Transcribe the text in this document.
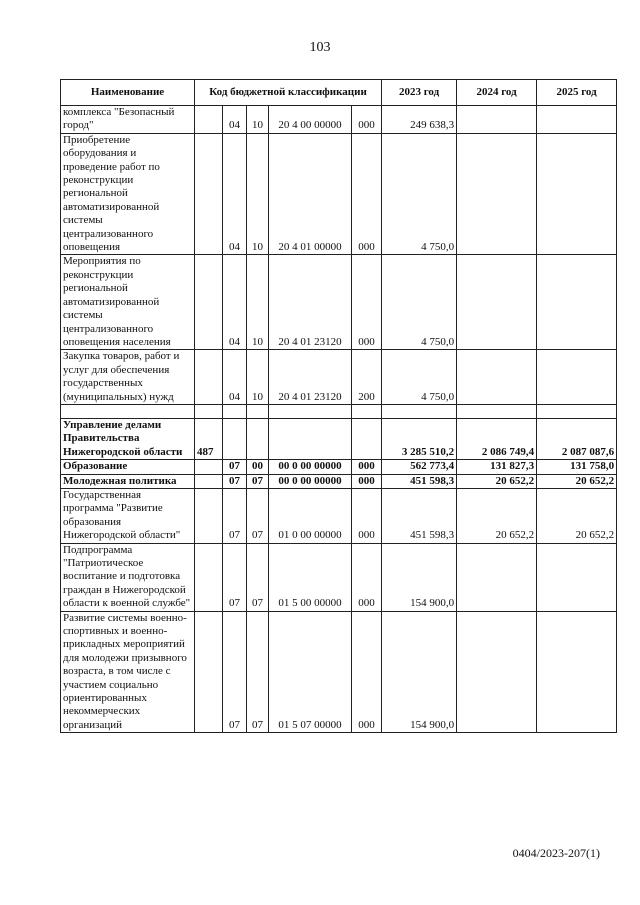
103
Наименование	Код бюджетной классификации					2023 год	2024 год	2025 год
комплекса "Безопасный город"		04	10	20 4 00 00000	000	249 638,3		
Приобретение оборудования и проведение работ по реконструкции региональной автоматизированной системы централизованного оповещения		04	10	20 4 01 00000	000	4 750,0		
Мероприятия по реконструкции региональной автоматизированной системы централизованного оповещения населения		04	10	20 4 01 23120	000	4 750,0		
Закупка товаров, работ и услуг для обеспечения государственных (муниципальных) нужд		04	10	20 4 01 23120	200	4 750,0		

Управление делами Правительства Нижегородской области	487					3 285 510,2	2 086 749,4	2 087 087,6
Образование		07	00	00 0 00 00000	000	562 773,4	131 827,3	131 758,0
Молодежная политика		07	07	00 0 00 00000	000	451 598,3	20 652,2	20 652,2
Государственная программа "Развитие образования Нижегородской области"		07	07	01 0 00 00000	000	451 598,3	20 652,2	20 652,2
Подпрограмма "Патриотическое воспитание и подготовка граждан в Нижегородской области к военной службе"		07	07	01 5 00 00000	000	154 900,0		
Развитие системы военно-спортивных и военно-прикладных мероприятий для молодежи призывного возраста, в том числе с участием социально ориентированных некоммерческих организаций		07	07	01 5 07 00000	000	154 900,0		
0404/2023-207(1)
